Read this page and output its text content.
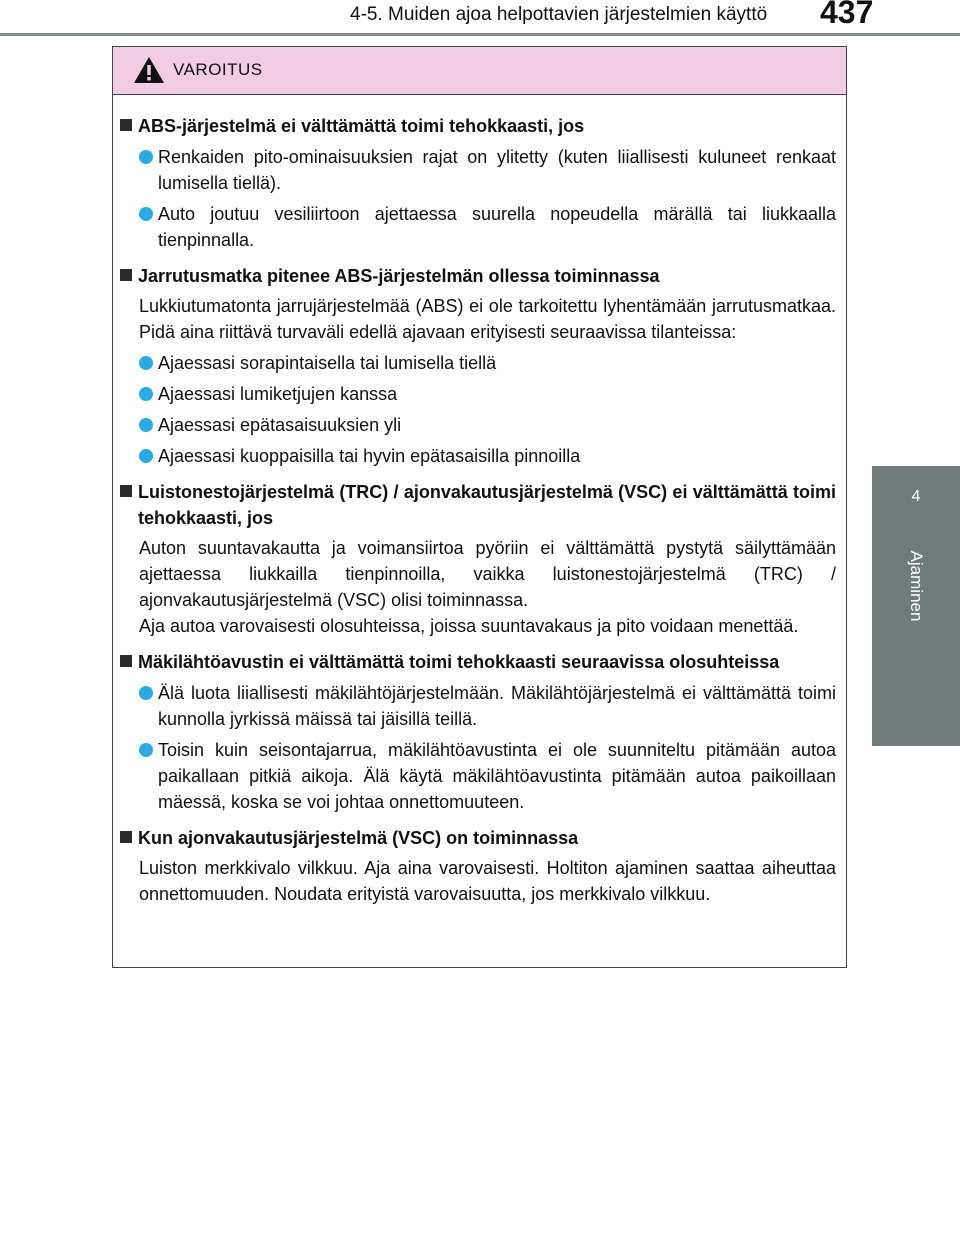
4-5. Muiden ajoa helpottavien järjestelmien käyttö 437
4
Ajaminen
VAROITUS
ABS-järjestelmä ei välttämättä toimi tehokkaasti, jos
Renkaiden pito-ominaisuuksien rajat on ylitetty (kuten liiallisesti kuluneet renkaat lumisella tiellä).
Auto joutuu vesiliirtoon ajettaessa suurella nopeudella märällä tai liukkaalla tienpinnalla.
Jarrutusmatka pitenee ABS-järjestelmän ollessa toiminnassa
Lukkiutumatonta jarrujärjestelmää (ABS) ei ole tarkoitettu lyhentämään jarrutusmatkaa. Pidä aina riittävä turvaväli edellä ajavaan erityisesti seuraavissa tilanteissa:
Ajaessasi sorapintaisella tai lumisella tiellä
Ajaessasi lumiketjujen kanssa
Ajaessasi epätasaisuuksien yli
Ajaessasi kuoppaisilla tai hyvin epätasaisilla pinnoilla
Luistonestojärjestelmä (TRC) / ajonvakautusjärjestelmä (VSC) ei välttämättä toimi tehokkaasti, jos
Auton suuntavakautta ja voimansiirtoa pyöriin ei välttämättä pystytä säilyttämään ajettaessa liukkailla tienpinnoilla, vaikka luistonestojärjestelmä (TRC) / ajonvakautusjärjestelmä (VSC) olisi toiminnassa.
Aja autoa varovaisesti olosuhteissa, joissa suuntavakaus ja pito voidaan menettää.
Mäkilähtöavustin ei välttämättä toimi tehokkaasti seuraavissa olosuhteissa
Älä luota liiallisesti mäkilähtöjärjestelmään. Mäkilähtöjärjestelmä ei välttämättä toimi kunnolla jyrkissä mäissä tai jäisillä teillä.
Toisin kuin seisontajarrua, mäkilähtöavustinta ei ole suunniteltu pitämään autoa paikallaan pitkiä aikoja. Älä käytä mäkilähtöavustinta pitämään autoa paikoillaan mäessä, koska se voi johtaa onnettomuuteen.
Kun ajonvakautusjärjestelmä (VSC) on toiminnassa
Luiston merkkivalo vilkkuu. Aja aina varovaisesti. Holtiton ajaminen saattaa aiheuttaa onnettomuuden. Noudata erityistä varovaisuutta, jos merkkivalo vilkkuu.
